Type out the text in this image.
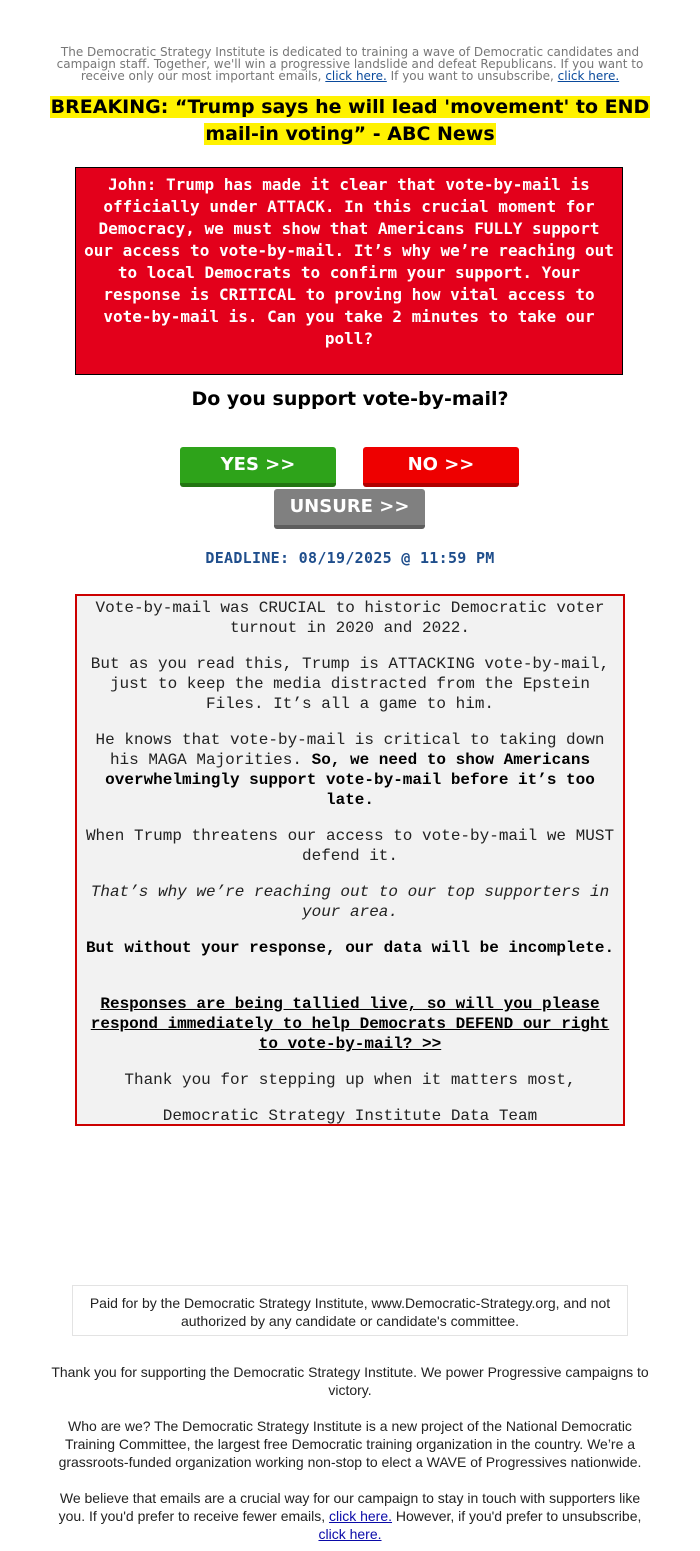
The Democratic Strategy Institute is dedicated to training a wave of Democratic candidates and campaign staff. Together, we'll win a progressive landslide and defeat Republicans. If you want to receive only our most important emails, click here. If you want to unsubscribe, click here.
BREAKING: “Trump says he will lead 'movement' to END
mail-in voting” - ABC News
John: Trump has made it clear that vote-by-mail is officially under ATTACK. In this crucial moment for Democracy, we must show that Americans FULLY support our access to vote-by-mail. It’s why we’re reaching out to local Democrats to confirm your support. Your response is CRITICAL to proving how vital access to vote-by-mail is. Can you take 2 minutes to take our poll?
Do you support vote-by-mail?
YES >>	NO >>
UNSURE >>
DEADLINE: 08/19/2025 @ 11:59 PM

Vote-by-mail was CRUCIAL to historic Democratic voter turnout in 2020 and 2022.

But as you read this, Trump is ATTACKING vote-by-mail, just to keep the media distracted from the Epstein Files. It’s all a game to him.

He knows that vote-by-mail is critical to taking down his MAGA Majorities. So, we need to show Americans overwhelmingly support vote-by-mail before it’s too late.

When Trump threatens our access to vote-by-mail we MUST defend it.

That’s why we’re reaching out to our top supporters in your area.

But without your response, our data will be incomplete.

Responses are being tallied live, so will you please respond immediately to help Democrats DEFEND our right to vote-by-mail? >>

Thank you for stepping up when it matters most,

Democratic Strategy Institute Data Team

Paid for by the Democratic Strategy Institute, www.Democratic-Strategy.org, and not authorized by any candidate or candidate's committee.
Thank you for supporting the Democratic Strategy Institute. We power Progressive campaigns to victory.
Who are we? The Democratic Strategy Institute is a new project of the National Democratic Training Committee, the largest free Democratic training organization in the country. We’re a grassroots-funded organization working non-stop to elect a WAVE of Progressives nationwide.
We believe that emails are a crucial way for our campaign to stay in touch with supporters like you. If you'd prefer to receive fewer emails, click here. However, if you'd prefer to unsubscribe,
click here.
